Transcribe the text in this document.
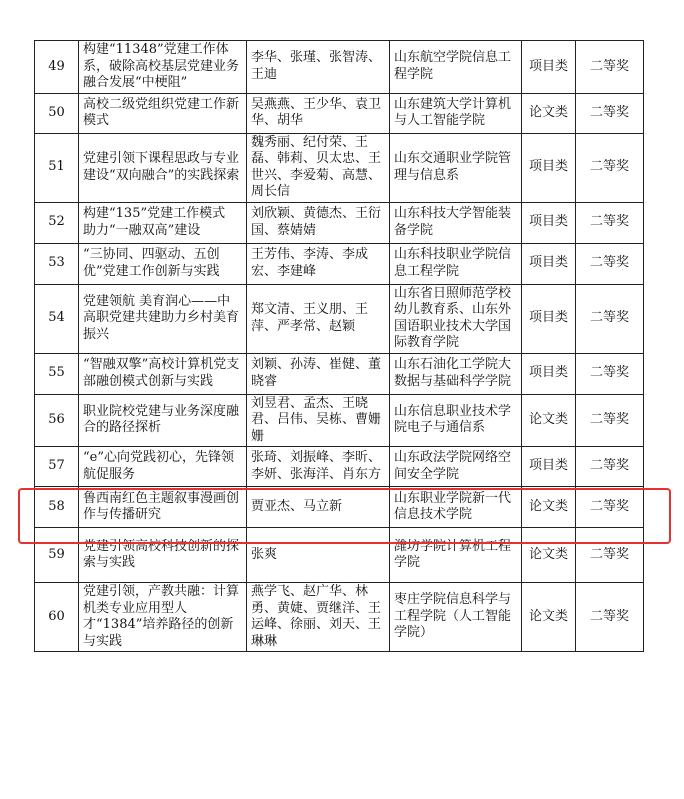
49	构建“11348”党建工作体系，破除高校基层党建业务融合发展“中梗阻”	李华、张瑾、张智涛、王迪	山东航空学院信息工程学院	项目类	二等奖
50	高校二级党组织党建工作新模式	吴燕燕、王少华、袁卫华、胡华	山东建筑大学计算机与人工智能学院	论文类	二等奖
51	党建引领下课程思政与专业建设“双向融合”的实践探索	魏秀丽、纪付荣、王磊、韩莉、贝太忠、王世兴、李爱菊、高慧、周长信	山东交通职业学院管理与信息系	项目类	二等奖
52	构建“135”党建工作模式 助力“一融双高”建设	刘欣颖、黄德杰、王衍国、蔡婧婧	山东科技大学智能装备学院	项目类	二等奖
53	“三协同、四驱动、五创优”党建工作创新与实践	王芳伟、李涛、李成宏、李建峰	山东科技职业学院信息工程学院	项目类	二等奖
54	党建领航 美育润心——中高职党建共建助力乡村美育振兴	郑文清、王义朋、王萍、严孝常、赵颖	山东省日照师范学校幼儿教育系、山东外国语职业技术大学国际教育学院	项目类	二等奖
55	“智融双擎”高校计算机党支部融创模式创新与实践	刘颖、孙涛、崔健、董晓睿	山东石油化工学院大数据与基础科学学院	项目类	二等奖
56	职业院校党建与业务深度融合的路径探析	刘昱君、孟杰、王晓君、吕伟、吴栋、曹姗姗	山东信息职业技术学院电子与通信系	论文类	二等奖
57	“e”心向党践初心，先锋领航促服务	张琦、刘振峰、李昕、李妍、张海洋、肖东方	山东政法学院网络空间安全学院	项目类	二等奖
58	鲁西南红色主题叙事漫画创作与传播研究	贾亚杰、马立新	山东职业学院新一代信息技术学院	论文类	二等奖
59	党建引领高校科技创新的探索与实践	张爽	潍坊学院计算机工程学院	论文类	二等奖
60	党建引领，产教共融：计算机类专业应用型人才“1384”培养路径的创新与实践	燕学飞、赵广华、林勇、黄婕、贾继洋、王运峰、徐丽、刘天、王琳琳	枣庄学院信息科学与工程学院（人工智能学院）	论文类	二等奖
